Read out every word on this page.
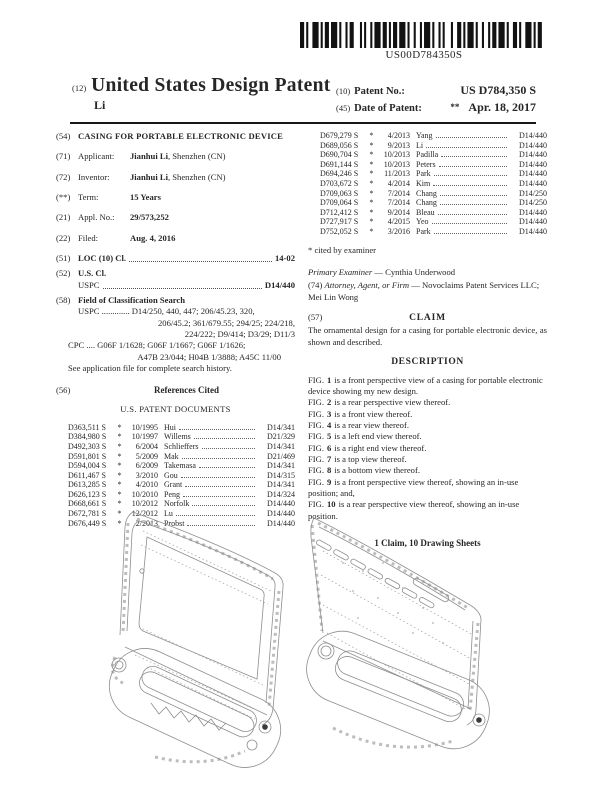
US00D784350S
(12) United States Design Patent
Li
(10) Patent No.:	US D784,350 S
(45) Date of Patent:	** Apr. 18, 2017
(54) CASING FOR PORTABLE ELECTRONIC DEVICE
(71) Applicant:	Jianhui Li, Shenzhen (CN)
(72) Inventor:	Jianhui Li, Shenzhen (CN)
(**) Term:	15 Years
(21) Appl. No.:	29/573,252
(22) Filed:	Aug. 4, 2016
(51) LOC (10) Cl.	14-02
(52) U.S. Cl.
USPC	D14/440
(58) Field of Classification Search
USPC ............. D14/250, 440, 447; 206/45.23, 320,
206/45.2; 361/679.55; 294/25; 224/218,
224/222; D9/414; D3/29; D11/3
CPC .... G06F 1/1628; G06F 1/1667; G06F 1/1626;
A47B 23/044; H04B 1/3888; A45C 11/00
See application file for complete search history.
(56)	References Cited
U.S. PATENT DOCUMENTS
D363,511 S	*	10/1995 Hui	D14/341
D384,980 S	*	10/1997 Willems	D21/329
D492,303 S	*	6/2004 Schlieffers	D14/341
D591,801 S	*	5/2009 Mak	D21/469
D594,004 S	*	6/2009 Takemasa	D14/341
D611,467 S	*	3/2010 Gou	D14/315
D613,285 S	*	4/2010 Grant	D14/341
D626,123 S	*	10/2010 Peng	D14/324
D668,661 S	*	10/2012 Norfolk	D14/440
D672,781 S	*	12/2012 Lu	D14/440
D676,449 S	*	2/2013 Probst	D14/440
D679,279 S	*	4/2013 Yang	D14/440
D689,056 S	*	9/2013 Li	D14/440
D690,704 S	*	10/2013 Padilla	D14/440
D691,144 S	*	10/2013 Peters	D14/440
D694,246 S	*	11/2013 Park	D14/440
D703,672 S	*	4/2014 Kim	D14/440
D709,063 S	*	7/2014 Chang	D14/250
D709,064 S	*	7/2014 Chang	D14/250
D712,412 S	*	9/2014 Bleau	D14/440
D727,917 S	*	4/2015 Yeo	D14/440
D752,052 S	*	3/2016 Park	D14/440
* cited by examiner
Primary Examiner — Cynthia Underwood
(74) Attorney, Agent, or Firm — Novoclaims Patent Services LLC; Mei Lin Wong
(57)	CLAIM
The ornamental design for a casing for portable electronic device, as shown and described.
DESCRIPTION

FIG. 1 is a front perspective view of a casing for portable electronic device showing my new design.

FIG. 2 is a rear perspective view thereof.

FIG. 3 is a front view thereof.

FIG. 4 is a rear view thereof.

FIG. 5 is a left end view thereof.

FIG. 6 is a right end view thereof.

FIG. 7 is a top view thereof.

FIG. 8 is a bottom view thereof.

FIG. 9 is a front perspective view thereof, showing an in-use position; and,

FIG. 10 is a rear perspective view thereof, showing an in-use position.

1 Claim, 10 Drawing Sheets
